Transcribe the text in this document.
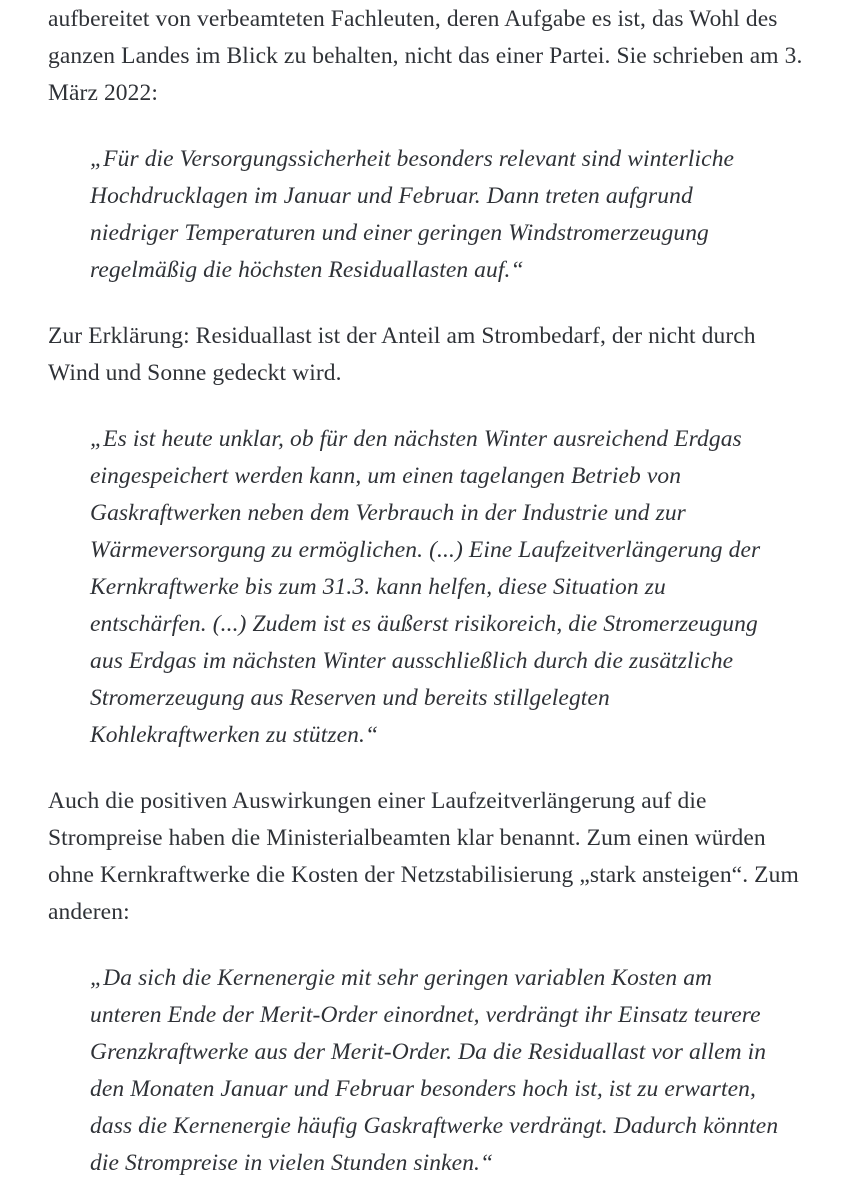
aufbereitet von verbeamteten Fachleuten, deren Aufgabe es ist, das Wohl des ganzen Landes im Blick zu behalten, nicht das einer Partei. Sie schrieben am 3. März 2022:

„Für die Versorgungssicherheit besonders relevant sind winterliche Hochdrucklagen im Januar und Februar. Dann treten aufgrund niedriger Temperaturen und einer geringen Windstromerzeugung regelmäßig die höchsten Residuallasten auf.“

Zur Erklärung: Residuallast ist der Anteil am Strombedarf, der nicht durch Wind und Sonne gedeckt wird.

„Es ist heute unklar, ob für den nächsten Winter ausreichend Erdgas eingespeichert werden kann, um einen tagelangen Betrieb von Gaskraftwerken neben dem Verbrauch in der Industrie und zur Wärmeversorgung zu ermöglichen. (...) Eine Laufzeitverlängerung der Kernkraftwerke bis zum 31.3. kann helfen, diese Situation zu entschärfen. (...) Zudem ist es äußerst risikoreich, die Stromerzeugung aus Erdgas im nächsten Winter ausschließlich durch die zusätzliche Stromerzeugung aus Reserven und bereits stillgelegten Kohlekraftwerken zu stützen.“

Auch die positiven Auswirkungen einer Laufzeitverlängerung auf die Strompreise haben die Ministerialbeamten klar benannt. Zum einen würden ohne Kernkraftwerke die Kosten der Netzstabilisierung „stark ansteigen“. Zum anderen:

„Da sich die Kernenergie mit sehr geringen variablen Kosten am unteren Ende der Merit-Order einordnet, verdrängt ihr Einsatz teurere Grenzkraftwerke aus der Merit-Order. Da die Residuallast vor allem in den Monaten Januar und Februar besonders hoch ist, ist zu erwarten, dass die Kernenergie häufig Gaskraftwerke verdrängt. Dadurch könnten die Strompreise in vielen Stunden sinken.“
